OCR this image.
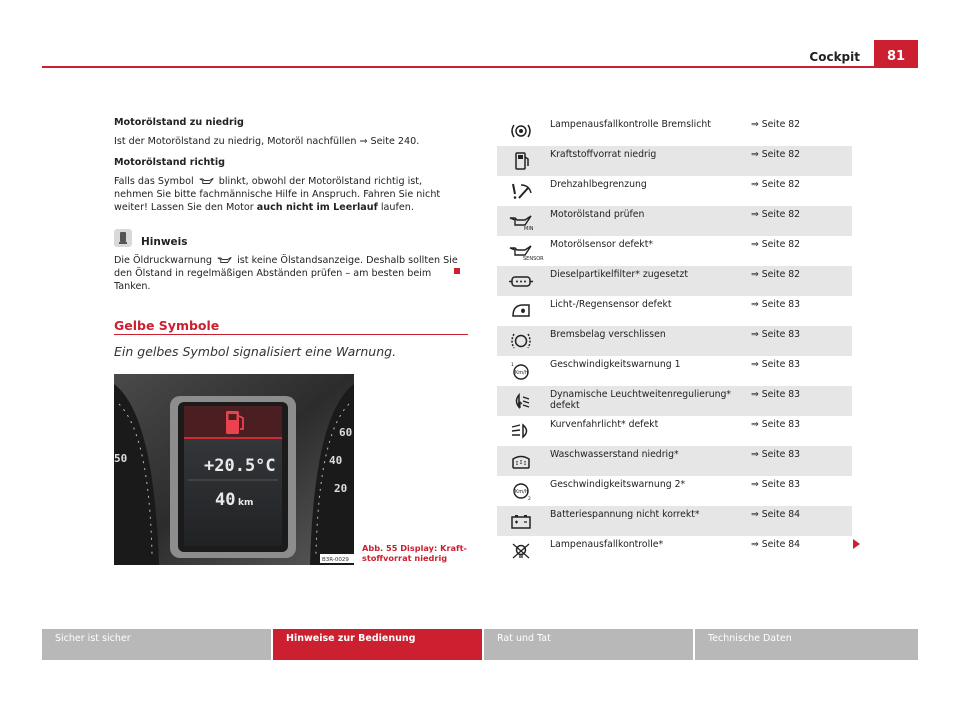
Cockpit	81
Motorölstand zu niedrig
Ist der Motorölstand zu niedrig, Motoröl nachfüllen ⇒ Seite 240.
Motorölstand richtig
Falls das Symbol	blinkt, obwohl der Motorölstand richtig ist, nehmen Sie bitte fachmännische Hilfe in Anspruch. Fahren Sie nicht weiter! Lassen Sie den Motor auch nicht im Leerlauf laufen.
Hinweis
Die Öldruckwarnung	ist keine Ölstandsanzeige. Deshalb sollten Sie den Ölstand in regelmäßigen Abständen prüfen – am besten beim Tanken.
Gelbe Symbole
Ein gelbes Symbol signalisiert eine Warnung.
+20.5°C
40 km
60
40
20
50
B3R-0029
Abb. 55 Display: Kraft- stoffvorrat niedrig
Lampenausfallkontrolle Bremslicht	⇒ Seite 82
Kraftstoffvorrat niedrig	⇒ Seite 82
Drehzahlbegrenzung	⇒ Seite 82
MIN
Motorölstand prüfen	⇒ Seite 82
SENSOR
Motorölsensor defekt*	⇒ Seite 82
Dieselpartikelfilter* zugesetzt	⇒ Seite 82
Licht-/Regensensor defekt	⇒ Seite 83
Bremsbelag verschlissen	⇒ Seite 83
Km/h
1	Geschwindigkeitswarnung 1	⇒ Seite 83
Dynamische Leuchtweitenregulierung* defekt
⇒ Seite 83
Kurvenfahrlicht* defekt	⇒ Seite 83
Waschwasserstand niedrig*	⇒ Seite 83
Km/h
2
Geschwindigkeitswarnung 2*	⇒ Seite 83
Batteriespannung nicht korrekt*	⇒ Seite 84
Lampenausfallkontrolle*	⇒ Seite 84
Sicher ist sicher	Hinweise zur Bedienung	Rat und Tat	Technische Daten
